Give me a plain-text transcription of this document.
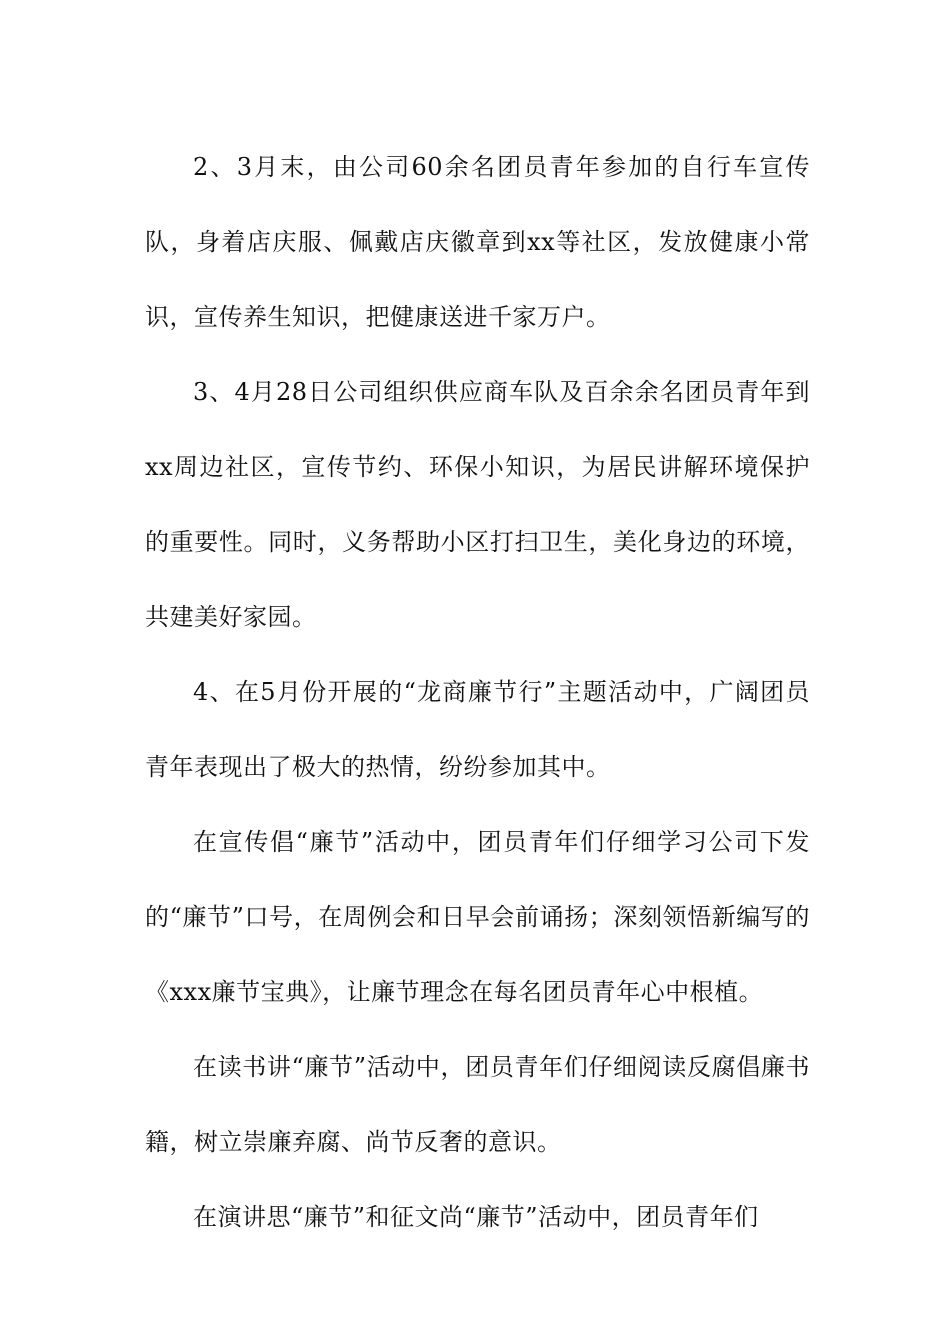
2、3月末，由公司60余名团员青年参加的自行车宣传队，身着店庆服、佩戴店庆徽章到xx等社区，发放健康小常识，宣传养生知识，把健康送进千家万户。

3、4月28日公司组织供应商车队及百余余名团员青年到xx周边社区，宣传节约、环保小知识，为居民讲解环境保护的重要性。同时，义务帮助小区打扫卫生，美化身边的环境，共建美好家园。

4、在5月份开展的“龙商廉节行”主题活动中，广阔团员青年表现出了极大的热情，纷纷参加其中。

在宣传倡“廉节”活动中，团员青年们仔细学习公司下发的“廉节”口号，在周例会和日早会前诵扬；深刻领悟新编写的《xxx廉节宝典》，让廉节理念在每名团员青年心中根植。

在读书讲“廉节”活动中，团员青年们仔细阅读反腐倡廉书籍，树立崇廉弃腐、尚节反奢的意识。

在演讲思“廉节”和征文尚“廉节”活动中，团员青年们
